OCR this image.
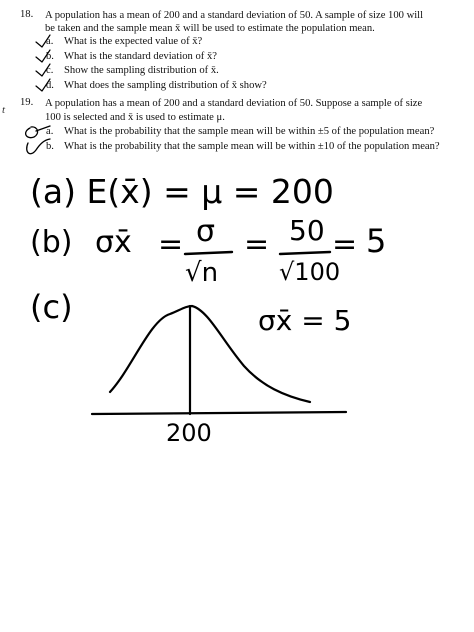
18. A population has a mean of 200 and a standard deviation of 50. A sample of size 100 will
be taken and the sample mean x̄ will be used to estimate the population mean.
a. What is the expected value of x̄?
b. What is the standard deviation of x̄?
c. Show the sampling distribution of x̄.
d. What does the sampling distribution of x̄ show?
t
19. A population has a mean of 200 and a standard deviation of 50. Suppose a sample of size
100 is selected and x̄ is used to estimate μ.
a. What is the probability that the sample mean will be within ±5 of the population mean?
b. What is the probability that the sample mean will be within ±10 of the population mean?
(a) E(x̄) = μ = 200
(b) σx̄ = σ
√n
= 50
√100
= 5
(c)	σx̄ = 5
200
